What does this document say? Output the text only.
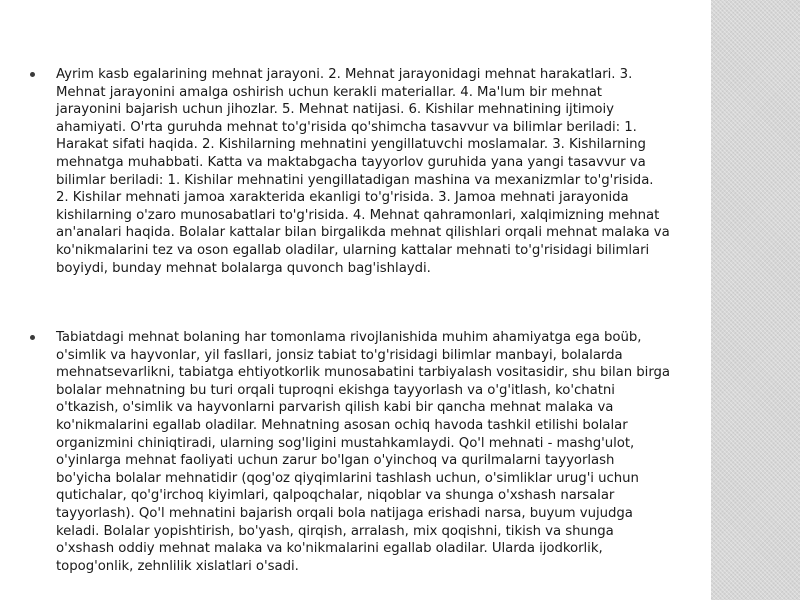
Ayrim kasb egalarining mehnat jarayoni. 2. Mehnat jarayonidagi mehnat harakatlari. 3. Mehnat jarayonini amalga oshirish uchun kerakli materiallar. 4. Ma'lum bir mehnat jarayonini bajarish uchun jihozlar. 5. Mehnat natijasi. 6. Kishilar mehnatining ijtimoiy ahamiyati. O'rta guruhda mehnat to'g'risida qo'shimcha tasavvur va bilimlar beriladi: 1. Harakat sifati haqida. 2. Kishilarning mehnatini yengillatuvchi moslamalar. 3. Kishilarning mehnatga muhabbati. Katta va maktabgacha tayyorlov guruhida yana yangi tasavvur va bilimlar beriladi: 1. Kishilar mehnatini yengillatadigan mashina va mexanizmlar to'g'risida. 2. Kishilar mehnati jamoa xarakterida ekanligi to'g'risida. 3. Jamoa mehnati jarayonida kishilarning o'zaro munosabatlari to'g'risida. 4. Mehnat qahramonlari, xalqimizning mehnat an'analari haqida. Bolalar kattalar bilan birgalikda mehnat qilishlari orqali mehnat malaka va ko'nikmalarini tez va oson egallab oladilar, ularning kattalar mehnati to'g'risidagi bilimlari boyiydi, bunday mehnat bolalarga quvonch bag'ishlaydi.

Tabiatdagi mehnat bolaning har tomonlama rivojlanishida muhim ahamiyatga ega boüb, o'simlik va hayvonlar, yil fasllari, jonsiz tabiat to'g'risidagi bilimlar manbayi, bolalarda mehnatsevarlikni, tabiatga ehtiyotkorlik munosabatini tarbiyalash vositasidir, shu bilan birga bolalar mehnatning bu turi orqali tuproqni ekishga tayyorlash va o'g'itlash, ko'chatni o'tkazish, o'simlik va hayvonlarni parvarish qilish kabi bir qancha mehnat malaka va ko'nikmalarini egallab oladilar. Mehnatning asosan ochiq havoda tashkil etilishi bolalar organizmini chiniqtiradi, ularning sog'ligini mustahkamlaydi. Qo'l mehnati - mashg'ulot, o'yinlarga mehnat faoliyati uchun zarur bo'lgan o'yinchoq va qurilmalarni tayyorlash bo'yicha bolalar mehnatidir (qog'oz qiyqimlarini tashlash uchun, o'simliklar urug'i uchun qutichalar, qo'g'irchoq kiyimlari, qalpoqchalar, niqoblar va shunga o'xshash narsalar tayyorlash). Qo'l mehnatini bajarish orqali bola natijaga erishadi narsa, buyum vujudga keladi. Bolalar yopishtirish, bo'yash, qirqish, arralash, mix qoqishni, tikish va shunga o'xshash oddiy mehnat malaka va ko'nikmalarini egallab oladilar. Ularda ijodkorlik, topog'onlik, zehnlilik xislatlari o'sadi.
